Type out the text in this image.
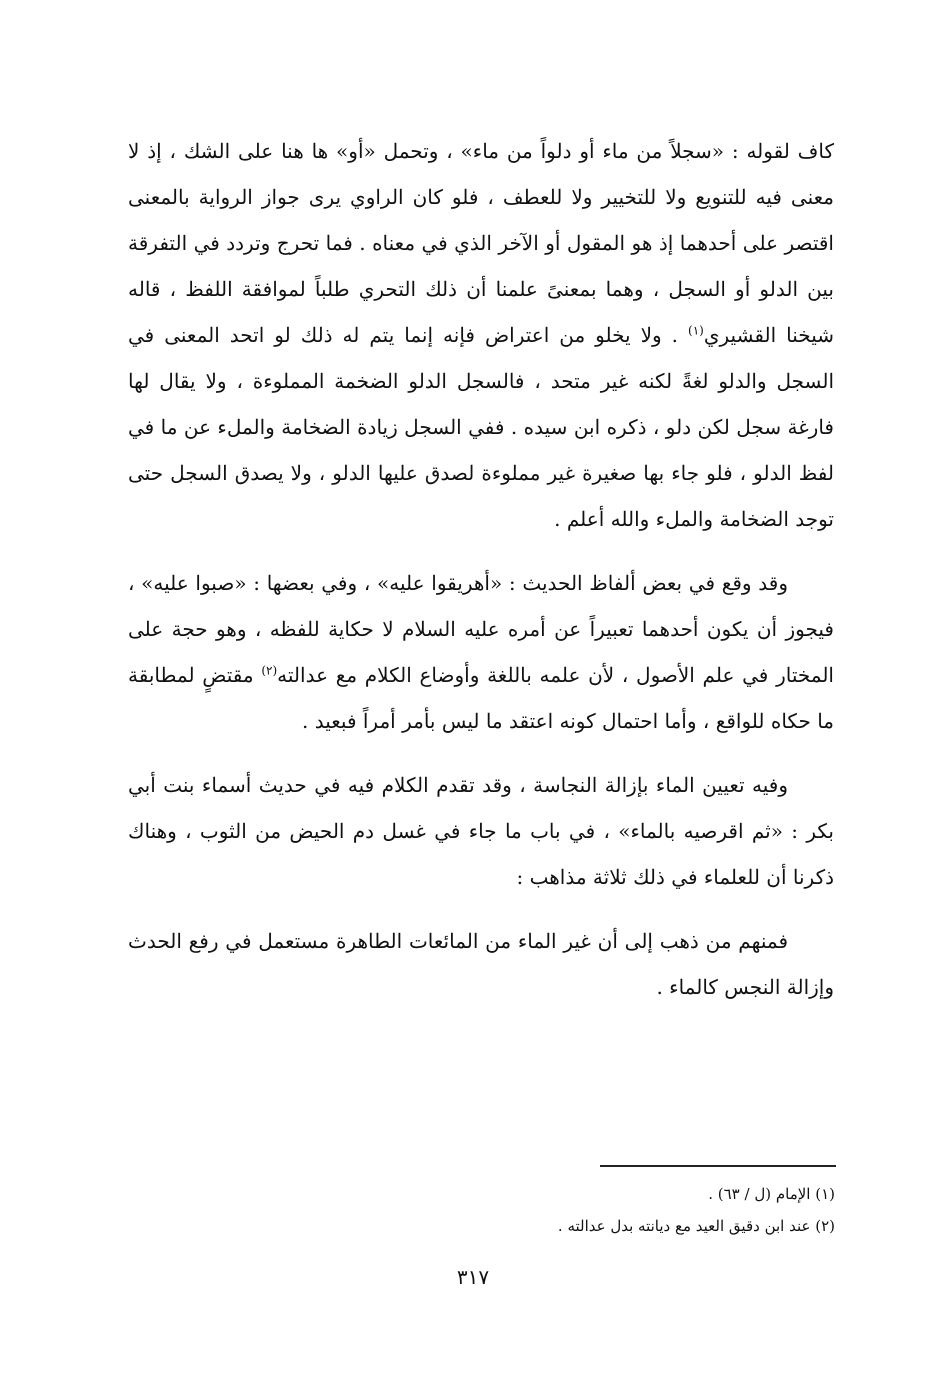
كاف لقوله : «سجلاً من ماء أو دلواً من ماء» ، وتحمل «أو» ها هنا على الشك ، إذ لا معنى فيه للتنويع ولا للتخيير ولا للعطف ، فلو كان الراوي يرى جواز الرواية بالمعنى اقتصر على أحدهما إذ هو المقول أو الآخر الذي في معناه . فما تحرج وتردد في التفرقة بين الدلو أو السجل ، وهما بمعنىً علمنا أن ذلك التحري طلباً لموافقة اللفظ ، قاله شيخنا القشيري$^{(١)}$ . ولا يخلو من اعتراض فإنه إنما يتم له ذلك لو اتحد المعنى في السجل والدلو لغةً لكنه غير متحد ، فالسجل الدلو الضخمة المملوءة ، ولا يقال لها فارغة سجل لكن دلو ، ذكره ابن سيده . ففي السجل زيادة الضخامة والملء عن ما في لفظ الدلو ، فلو جاء بها صغيرة غير مملوءة لصدق عليها الدلو ، ولا يصدق السجل حتى توجد الضخامة والملء والله أعلم .

وقد وقع في بعض ألفاظ الحديث : «أهريقوا عليه» ، وفي بعضها : «صبوا عليه» ، فيجوز أن يكون أحدهما تعبيراً عن أمره عليه السلام لا حكاية للفظه ، وهو حجة على المختار في علم الأصول ، لأن علمه باللغة وأوضاع الكلام مع عدالته$^{(٢)}$ مقتضٍ لمطابقة ما حكاه للواقع ، وأما احتمال كونه اعتقد ما ليس بأمر أمراً فبعيد .

وفيه تعيين الماء بإزالة النجاسة ، وقد تقدم الكلام فيه في حديث أسماء بنت أبي بكر : «ثم اقرصيه بالماء» ، في باب ما جاء في غسل دم الحيض من الثوب ، وهناك ذكرنا أن للعلماء في ذلك ثلاثة مذاهب :

فمنهم من ذهب إلى أن غير الماء من المائعات الطاهرة مستعمل في رفع الحدث وإزالة النجس كالماء .

(١) الإمام (ل / ٦٣) .

(٢) عند ابن دقيق العيد مع ديانته بدل عدالته .

٣١٧
